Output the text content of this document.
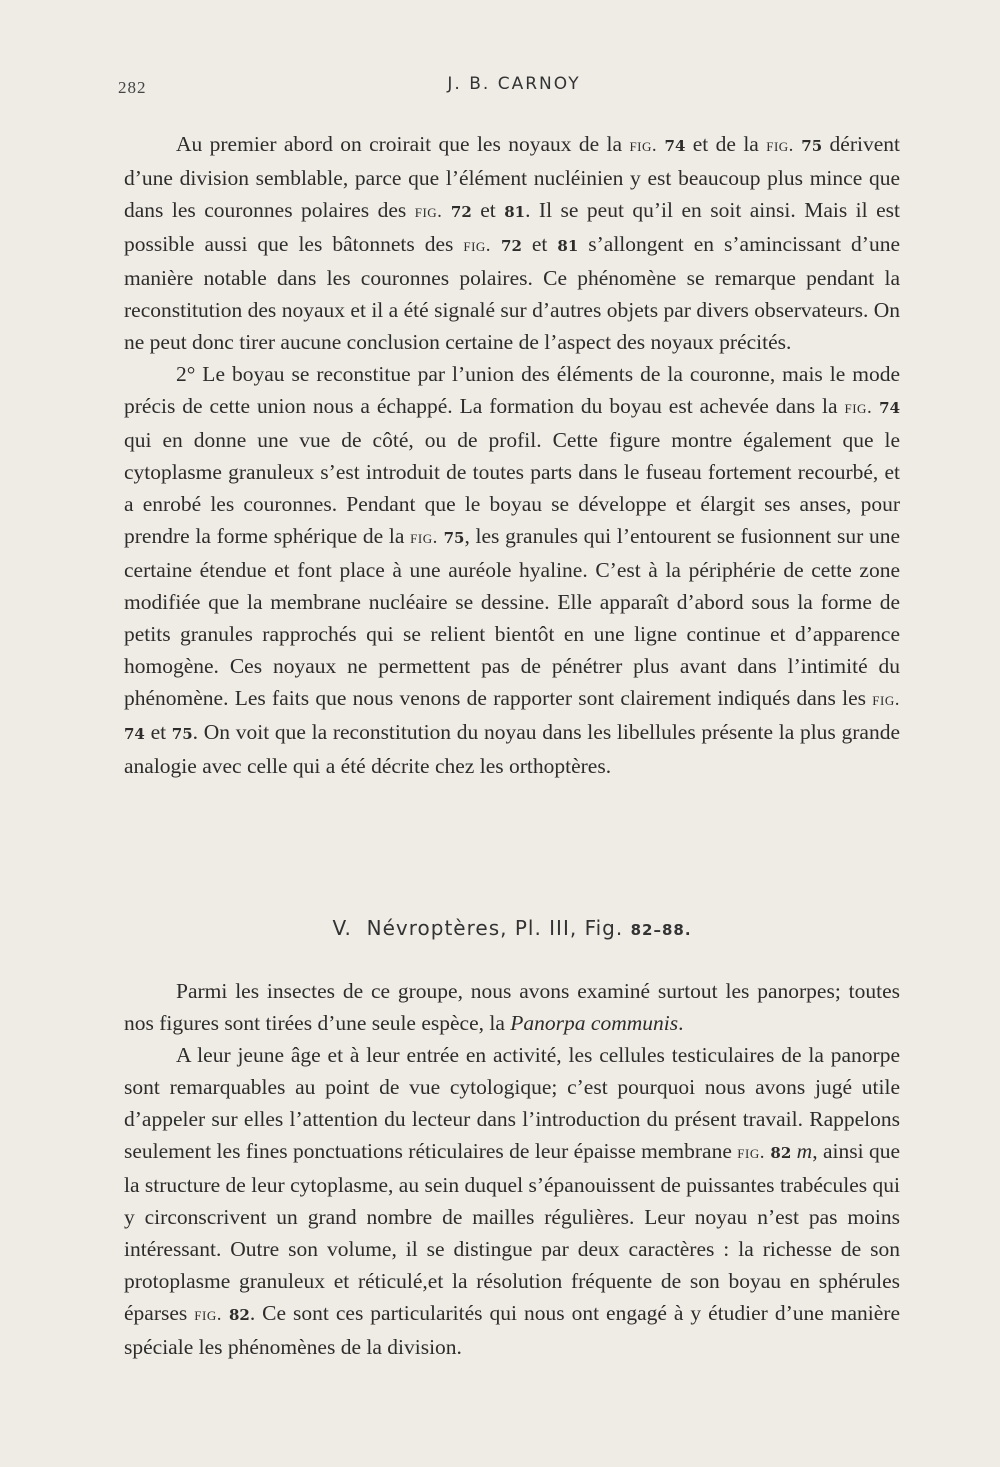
282	J. B. CARNOY

Au premier abord on croirait que les noyaux de la fig. 74 et de la fig. 75 dérivent d’une division semblable, parce que l’élément nucléinien y est beaucoup plus mince que dans les couronnes polaires des fig. 72 et 81. Il se peut qu’il en soit ainsi. Mais il est possible aussi que les bâtonnets des fig. 72 et 81 s’allongent en s’amincissant d’une manière notable dans les couronnes polaires. Ce phénomène se remarque pendant la reconstitution des noyaux et il a été signalé sur d’autres objets par divers observateurs. On ne peut donc tirer aucune conclusion certaine de l’aspect des noyaux précités.

2° Le boyau se reconstitue par l’union des éléments de la couronne, mais le mode précis de cette union nous a échappé. La formation du boyau est achevée dans la fig. 74 qui en donne une vue de côté, ou de profil. Cette figure montre également que le cytoplasme granuleux s’est introduit de toutes parts dans le fuseau fortement recourbé, et a enrobé les couronnes. Pendant que le boyau se développe et élargit ses anses, pour prendre la forme sphérique de la fig. 75, les granules qui l’entourent se fusionnent sur une certaine étendue et font place à une auréole hyaline. C’est à la périphérie de cette zone modifiée que la membrane nucléaire se dessine. Elle apparaît d’abord sous la forme de petits granules rapprochés qui se relient bientôt en une ligne continue et d’apparence homogène. Ces noyaux ne permettent pas de pénétrer plus avant dans l’intimité du phénomène. Les faits que nous venons de rapporter sont clairement indiqués dans les fig. 74 et 75. On voit que la reconstitution du noyau dans les libellules présente la plus grande analogie avec celle qui a été décrite chez les orthoptères.

V. Névroptères, Pl. III, Fig. 82–88.

Parmi les insectes de ce groupe, nous avons examiné surtout les panorpes; toutes nos figures sont tirées d’une seule espèce, la Panorpa communis.

A leur jeune âge et à leur entrée en activité, les cellules testiculaires de la panorpe sont remarquables au point de vue cytologique; c’est pourquoi nous avons jugé utile d’appeler sur elles l’attention du lecteur dans l’introduction du présent travail. Rappelons seulement les fines ponctuations réticulaires de leur épaisse membrane fig. 82 m, ainsi que la structure de leur cytoplasme, au sein duquel s’épanouissent de puissantes trabécules qui y circonscrivent un grand nombre de mailles régulières. Leur noyau n’est pas moins intéressant. Outre son volume, il se distingue par deux caractères : la richesse de son protoplasme granuleux et réticulé,et la résolution fréquente de son boyau en sphérules éparses fig. 82. Ce sont ces particularités qui nous ont engagé à y étudier d’une manière spéciale les phénomènes de la division.
